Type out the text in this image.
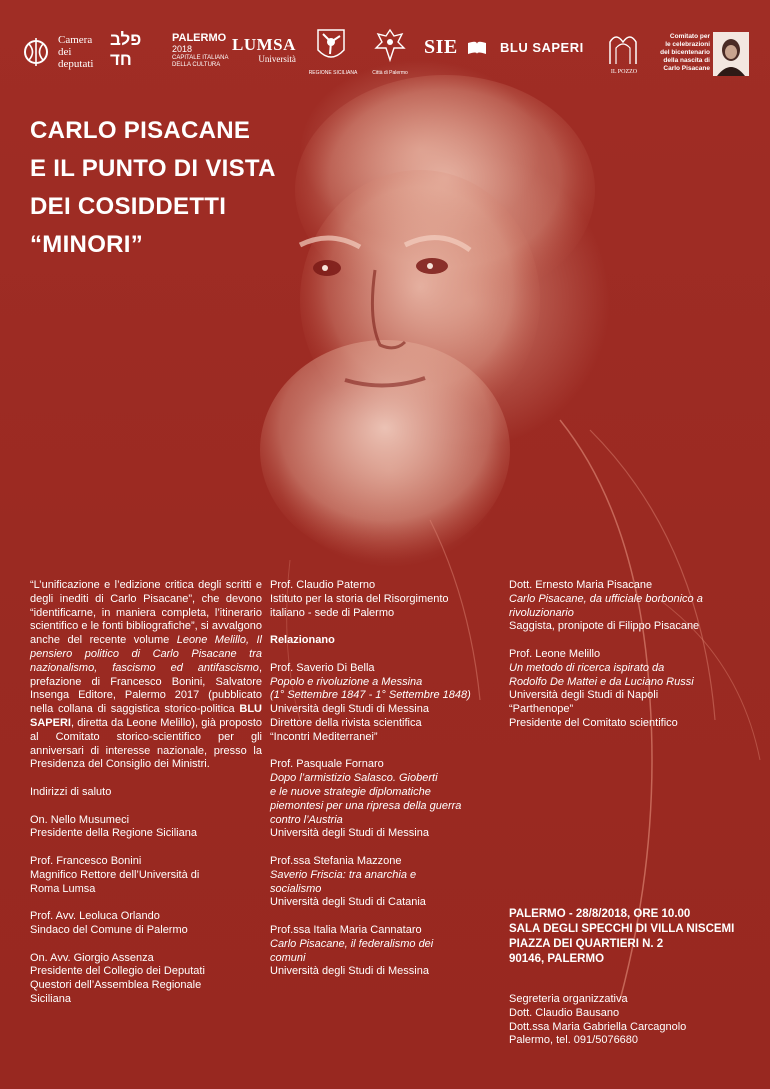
Camera
dei
deputati
פלב חד
PALERMO
2018
CAPITALE ITALIANA
DELLA CULTURA
LUMSA
Università
REGIONE SICILIANA	Città di Palermo
SIE	BLU SAPERI
IL POZZO
Comitato per
le celebrazioni
del bicentenario
della nascita di
Carlo Pisacane
CARLO PISACANE
E IL PUNTO DI VISTA
DEI COSIDDETTI
“MINORI”

“L’unificazione e l’edizione critica degli scritti e degli inediti di Carlo Pisacane”, che devono “identificarne, in maniera completa, l’itinerario scientifico e le fonti bibliografiche”, si avvalgono anche del recente volume Leone Melillo, Il pensiero politico di Carlo Pisacane tra nazionalismo, fascismo ed antifascismo, prefazione di Francesco Bonini, Salvatore Insenga Editore, Palermo 2017 (pubblicato nella collana di saggistica storico-politica BLU SAPERI, diretta da Leone Melillo), già proposto al Comitato storico-scientifico per gli anniversari di interesse nazionale, presso la Presidenza del Consiglio dei Ministri.

Indirizzi di saluto

On. Nello Musumeci

Presidente della Regione Siciliana

Prof. Francesco Bonini

Magnifico Rettore dell’Università di

Roma Lumsa

Prof. Avv. Leoluca Orlando

Sindaco del Comune di Palermo

On. Avv. Giorgio Assenza

Presidente del Collegio dei Deputati

Questori dell’Assemblea Regionale

Siciliana

Prof. Claudio Paterno

Istituto per la storia del Risorgimento

italiano - sede di Palermo

Relazionano

Prof. Saverio Di Bella

Popolo e rivoluzione a Messina

(1° Settembre 1847 - 1° Settembre 1848)

Università degli Studi di Messina

Direttore della rivista scientifica

“Incontri Mediterranei”

Prof. Pasquale Fornaro

Dopo l’armistizio Salasco. Gioberti

e le nuove strategie diplomatiche

piemontesi per una ripresa della guerra

contro l’Austria

Università degli Studi di Messina

Prof.ssa Stefania Mazzone

Saverio Friscia: tra anarchia e

socialismo

Università degli Studi di Catania

Prof.ssa Italia Maria Cannataro

Carlo Pisacane, il federalismo dei

comuni

Università degli Studi di Messina

Dott. Ernesto Maria Pisacane

Carlo Pisacane, da ufficiale borbonico a

rivoluzionario

Saggista, pronipote di Filippo Pisacane

Prof. Leone Melillo

Un metodo di ricerca ispirato da

Rodolfo De Mattei e da Luciano Russi

Università degli Studi di Napoli

“Parthenope”

Presidente del Comitato scientifico

PALERMO - 28/8/2018, ORE 10.00
SALA DEGLI SPECCHI DI VILLA NISCEMI
PIAZZA DEI QUARTIERI N. 2
90146, PALERMO
Segreteria organizzativa
Dott. Claudio Bausano
Dott.ssa Maria Gabriella Carcagnolo
Palermo, tel. 091/5076680
